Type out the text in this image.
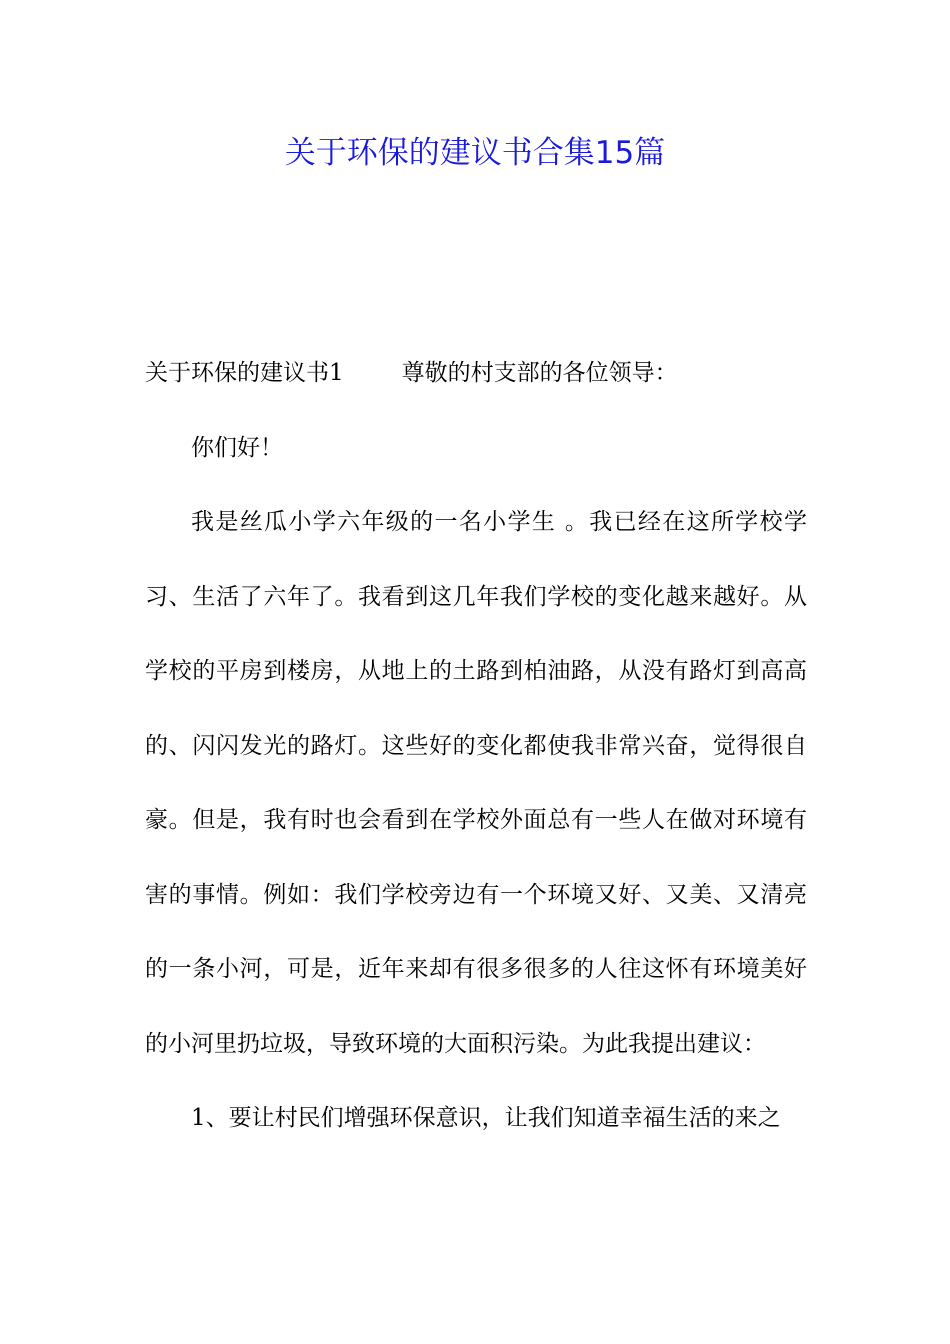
关于环保的建议书合集15篇

关于环保的建议书1	尊敬的村支部的各位领导：

你们好！

我是丝瓜小学六年级的一名小学生 。我已经在这所学校学习、生活了六年了。我看到这几年我们学校的变化越来越好。从学校的平房到楼房，从地上的土路到柏油路，从没有路灯到高高的、闪闪发光的路灯。这些好的变化都使我非常兴奋，觉得很自豪。但是，我有时也会看到在学校外面总有一些人在做对环境有害的事情。例如：我们学校旁边有一个环境又好、又美、又清亮的一条小河，可是，近年来却有很多很多的人往这怀有环境美好的小河里扔垃圾，导致环境的大面积污染。为此我提出建议：

1、要让村民们增强环保意识，让我们知道幸福生活的来之
